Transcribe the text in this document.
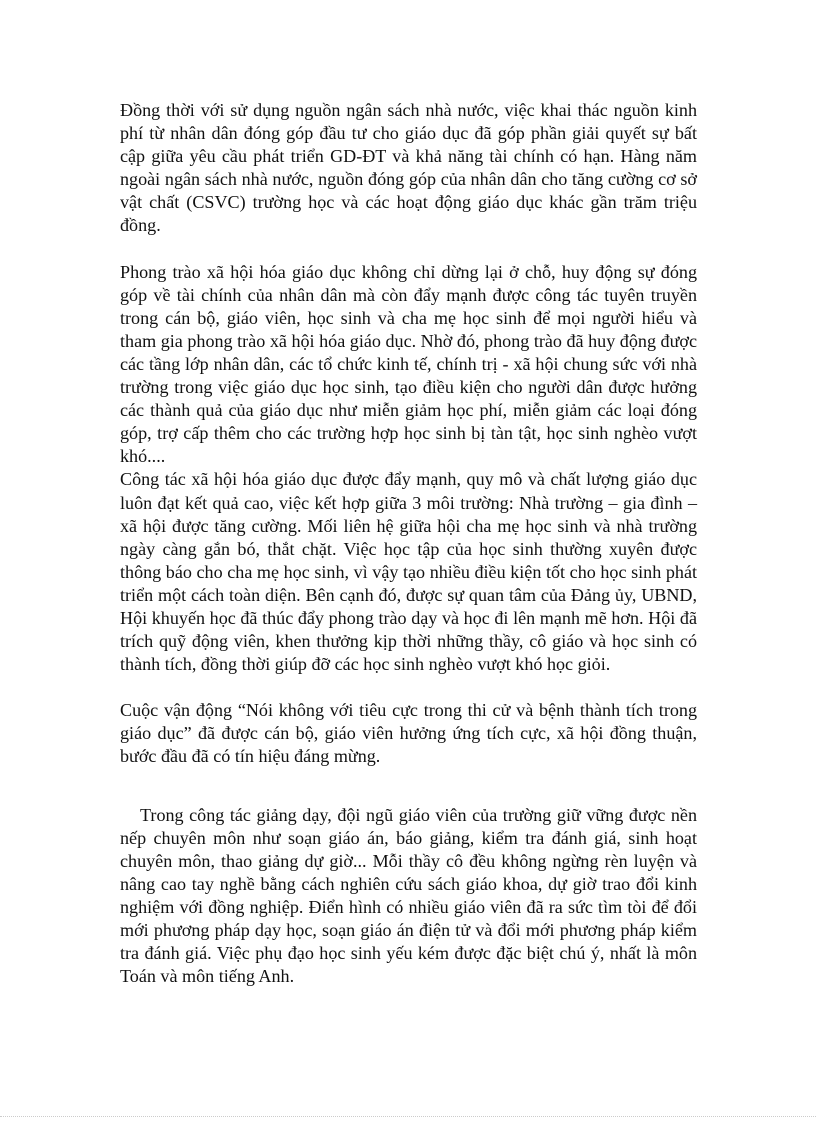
Đồng thời với sử dụng nguồn ngân sách nhà nước, việc khai thác nguồn kinh phí từ nhân dân đóng góp đầu tư cho giáo dục đã góp phần giải quyết sự bất cập giữa yêu cầu phát triển GD-ĐT và khả năng tài chính có hạn. Hàng năm ngoài ngân sách nhà nước, nguồn đóng góp của nhân dân cho tăng cường cơ sở vật chất (CSVC) trường học và các hoạt động giáo dục khác gần trăm triệu đồng.

Phong trào xã hội hóa giáo dục không chỉ dừng lại ở chỗ, huy động sự đóng góp về tài chính của nhân dân mà còn đẩy mạnh được công tác tuyên truyền trong cán bộ, giáo viên, học sinh và cha mẹ học sinh để mọi người hiểu và tham gia phong trào xã hội hóa giáo dục. Nhờ đó, phong trào đã huy động được các tầng lớp nhân dân, các tổ chức kinh tế, chính trị - xã hội chung sức với nhà trường trong việc giáo dục học sinh, tạo điều kiện cho người dân được hưởng các thành quả của giáo dục như miễn giảm học phí, miễn giảm các loại đóng góp, trợ cấp thêm cho các trường hợp học sinh bị tàn tật, học sinh nghèo vượt khó....

Công tác xã hội hóa giáo dục được đẩy mạnh, quy mô và chất lượng giáo dục luôn đạt kết quả cao, việc kết hợp giữa 3 môi trường: Nhà trường – gia đình – xã hội được tăng cường. Mối liên hệ giữa hội cha mẹ học sinh và nhà trường ngày càng gắn bó, thắt chặt. Việc học tập của học sinh thường xuyên được thông báo cho cha mẹ học sinh, vì vậy tạo nhiều điều kiện tốt cho học sinh phát triển một cách toàn diện. Bên cạnh đó, được sự quan tâm của Đảng ủy, UBND, Hội khuyến học đã thúc đẩy phong trào dạy và học đi lên mạnh mẽ hơn. Hội đã trích quỹ động viên, khen thưởng kịp thời những thầy, cô giáo và học sinh có thành tích, đồng thời giúp đỡ các học sinh nghèo vượt khó học giỏi.

Cuộc vận động “Nói không với tiêu cực trong thi cử và bệnh thành tích trong giáo dục” đã được cán bộ, giáo viên hưởng ứng tích cực, xã hội đồng thuận, bước đầu đã có tín hiệu đáng mừng.

Trong công tác giảng dạy, đội ngũ giáo viên của trường giữ vững được nền nếp chuyên môn như soạn giáo án, báo giảng, kiểm tra đánh giá, sinh hoạt chuyên môn, thao giảng dự giờ... Mỗi thầy cô đều không ngừng rèn luyện và nâng cao tay nghề bằng cách nghiên cứu sách giáo khoa, dự giờ trao đổi kinh nghiệm với đồng nghiệp. Điển hình có nhiều giáo viên đã ra sức tìm tòi để đổi mới phương pháp dạy học, soạn giáo án điện tử và đổi mới phương pháp kiểm tra đánh giá. Việc phụ đạo học sinh yếu kém được đặc biệt chú ý, nhất là môn Toán và môn tiếng Anh.
